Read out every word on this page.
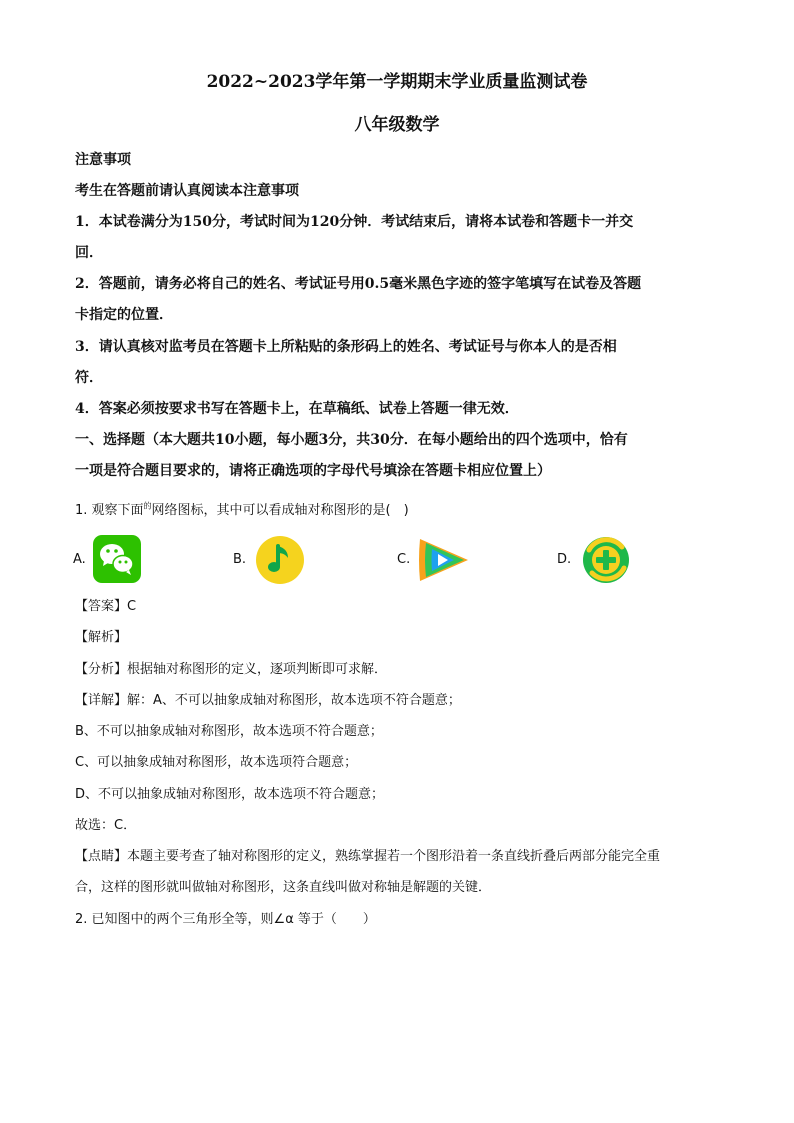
2022~2023学年第一学期期末学业质量监测试卷
八年级数学
注意事项
考生在答题前请认真阅读本注意事项
1．本试卷满分为150分，考试时间为120分钟．考试结束后，请将本试卷和答题卡一并交
回．
2．答题前，请务必将自己的姓名、考试证号用0.5毫米黑色字迹的签字笔填写在试卷及答题
卡指定的位置．
3．请认真核对监考员在答题卡上所粘贴的条形码上的姓名、考试证号与你本人的是否相
符．
4．答案必须按要求书写在答题卡上，在草稿纸、试卷上答题一律无效．
一、选择题（本大题共10小题，每小题3分，共30分．在每小题给出的四个选项中，恰有
一项是符合题目要求的，请将正确选项的字母代号填涂在答题卡相应位置上）
1. 观察下面$^的$网络图标，其中可以看成轴对称图形的是(　)
A.	B.	C.	D.
【答案】C
【解析】
【分析】根据轴对称图形的定义，逐项判断即可求解．
【详解】解：A、不可以抽象成轴对称图形，故本选项不符合题意；
B、不可以抽象成轴对称图形，故本选项不符合题意；
C、可以抽象成轴对称图形，故本选项符合题意；
D、不可以抽象成轴对称图形，故本选项不符合题意；
故选：C．
【点睛】本题主要考查了轴对称图形的定义，熟练掌握若一个图形沿着一条直线折叠后两部分能完全重
合，这样的图形就叫做轴对称图形，这条直线叫做对称轴是解题的关键．
2. 已知图中的两个三角形全等，则∠α 等于（　　）
